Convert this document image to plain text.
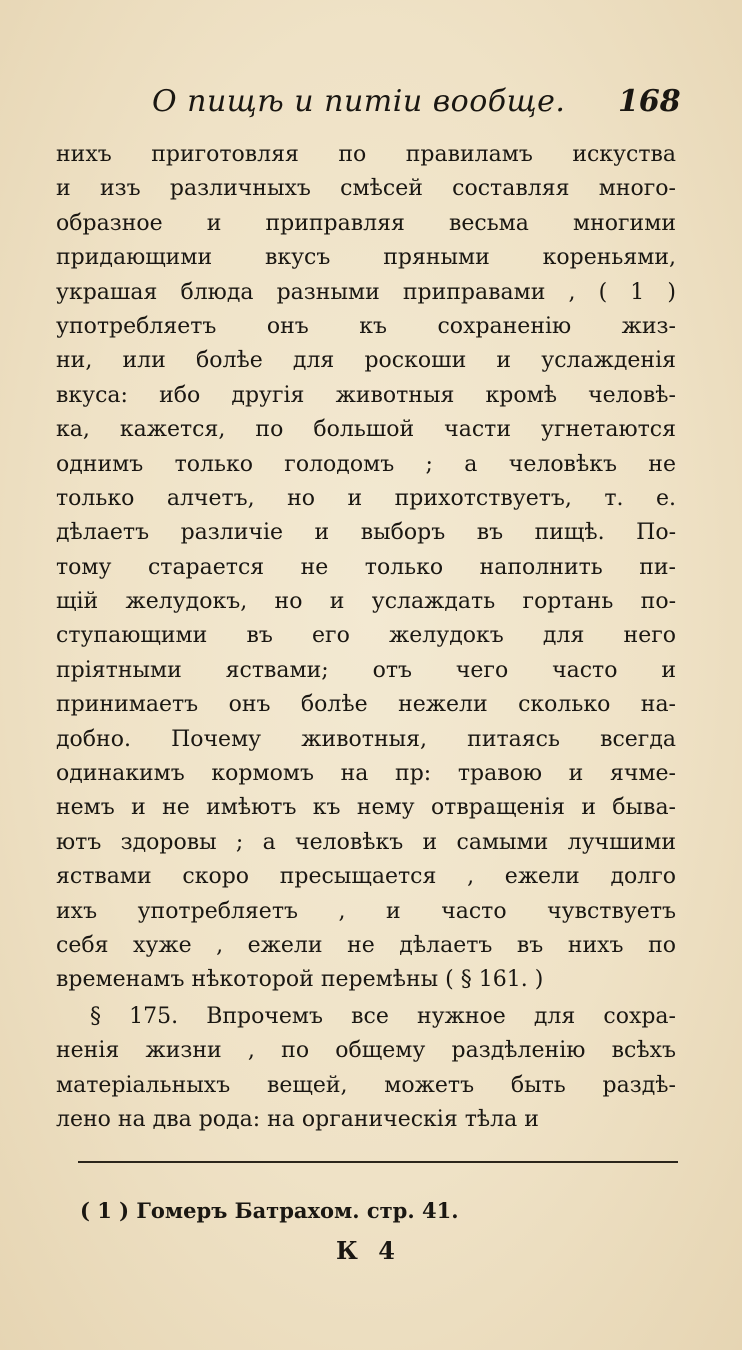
О пищѣ и питіи вообще. 168
нихъ приготовляя по правиламъ искуства
и изъ различныхъ смѣсей составляя много-
образное и приправляя весьма многими
придающими вкусъ пряными кореньями,
украшая блюда разными приправами , ( 1 )
употребляетъ онъ къ сохраненію жиз-
ни, или болѣе для роскоши и услажденія
вкуса: ибо другія животныя кромѣ человѣ-
ка, кажется, по большой части угнетаются
однимъ только голодомъ ; а человѣкъ не
только алчетъ, но и прихотствуетъ, т. е.
дѣлаетъ различіе и выборъ въ пищѣ. По-
тому старается не только наполнить пи-
щій желудокъ, но и услаждать гортань по-
ступающими въ его желудокъ для него
пріятными яствами; отъ чего часто и
принимаетъ онъ болѣе нежели сколько на-
добно. Почему животныя, питаясь всегда
одинакимъ кормомъ на пр: травою и ячме-
немъ и не имѣютъ къ нему отвращенія и быва-
ютъ здоровы ; а человѣкъ и самыми лучшими
яствами скоро пресыщается , ежели долго
ихъ употребляетъ , и часто чувствуетъ
себя хуже , ежели не дѣлаетъ въ нихъ по
временамъ нѣкоторой перемѣны ( § 161. )
§ 175. Впрочемъ все нужное для сохра-
ненія жизни , по общему раздѣленію всѣхъ
матеріальныхъ вещей, можетъ быть раздѣ-
лено на два рода: на органическія тѣла и
( 1 ) Гомеръ Батрахом. стр. 41.
К 4
